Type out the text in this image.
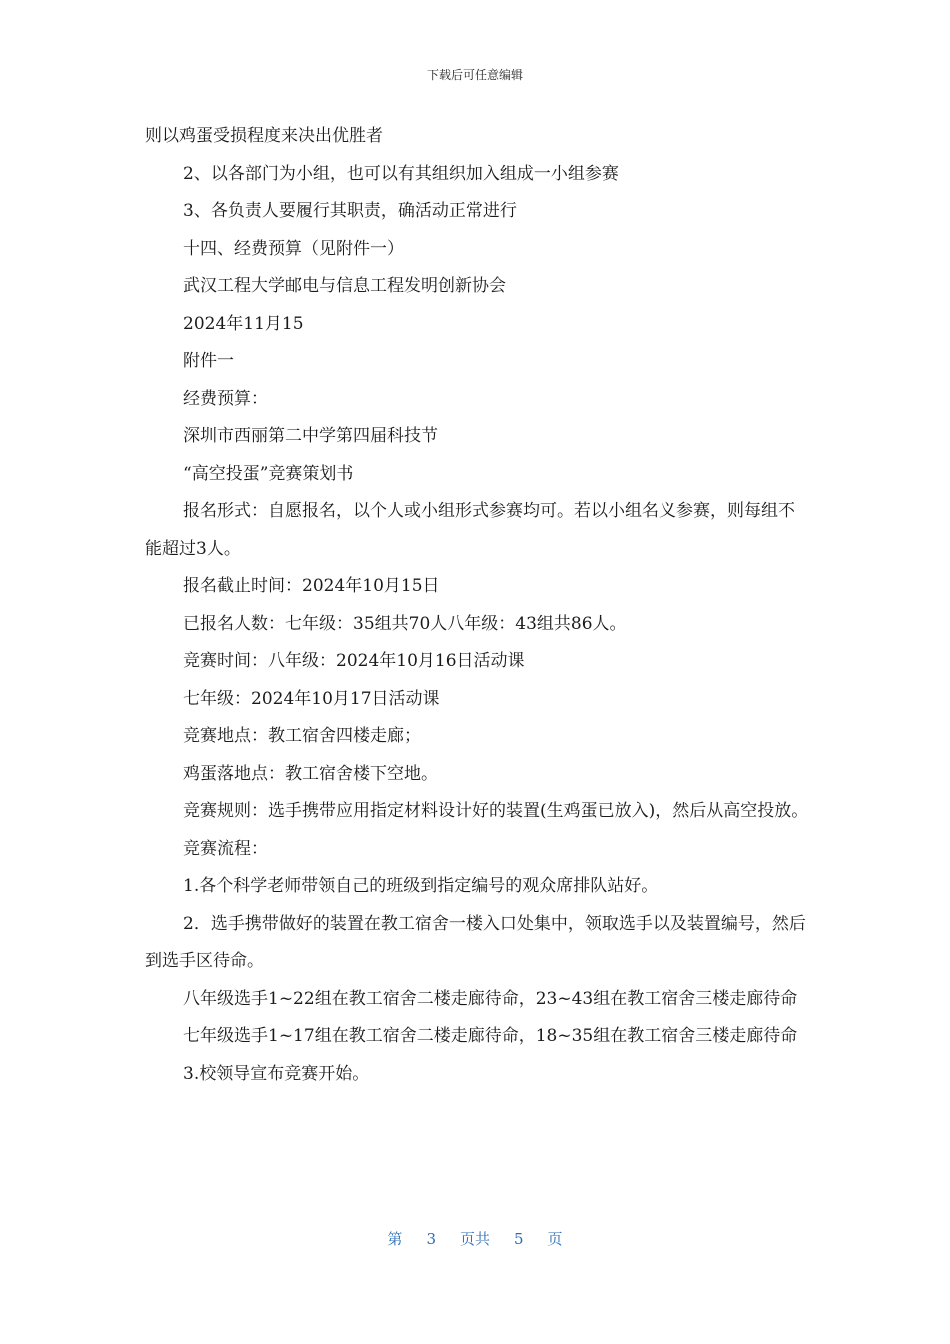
下载后可任意编辑

则以鸡蛋受损程度来决出优胜者

2、以各部门为小组，也可以有其组织加入组成一小组参赛

3、各负责人要履行其职责，确活动正常进行

十四、经费预算（见附件一）

武汉工程大学邮电与信息工程发明创新协会

2024年11月15

附件一

经费预算：

深圳市西丽第二中学第四届科技节

“高空投蛋”竞赛策划书

报名形式：自愿报名，以个人或小组形式参赛均可。若以小组名义参赛，则每组不能超过3人。

报名截止时间：2024年10月15日

已报名人数：七年级：35组共70人八年级：43组共86人。

竞赛时间：八年级：2024年10月16日活动课

七年级：2024年10月17日活动课

竞赛地点：教工宿舍四楼走廊；

鸡蛋落地点：教工宿舍楼下空地。

竞赛规则：选手携带应用指定材料设计好的装置(生鸡蛋已放入)，然后从高空投放。

竞赛流程：

1.各个科学老师带领自己的班级到指定编号的观众席排队站好。

2．选手携带做好的装置在教工宿舍一楼入口处集中，领取选手以及装置编号，然后到选手区待命。

八年级选手1~22组在教工宿舍二楼走廊待命，23~43组在教工宿舍三楼走廊待命

七年级选手1~17组在教工宿舍二楼走廊待命，18~35组在教工宿舍三楼走廊待命

3.校领导宣布竞赛开始。

第 3 页共 5 页
